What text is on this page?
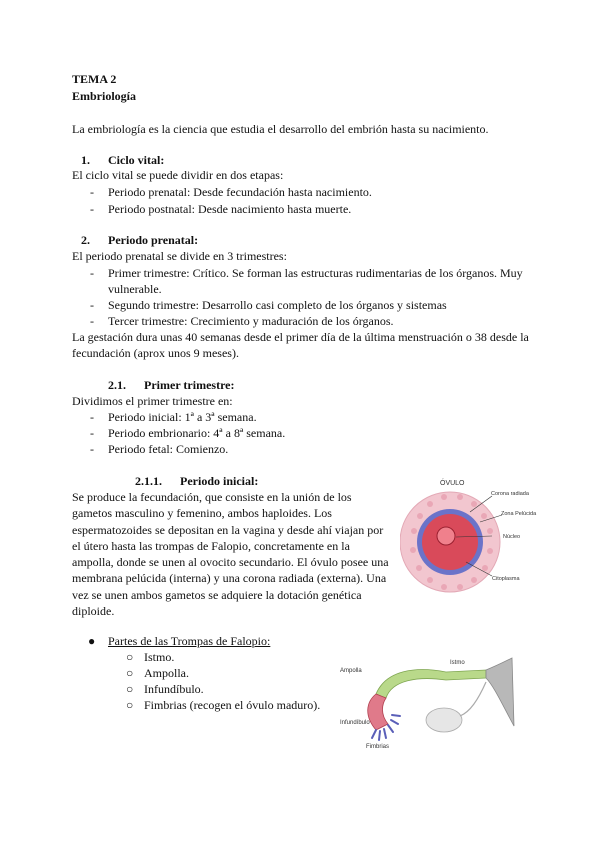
TEMA 2
Embriología
La embriología es la ciencia que estudia el desarrollo del embrión hasta su nacimiento.
1. Ciclo vital:
El ciclo vital se puede dividir en dos etapas:
- Periodo prenatal: Desde fecundación hasta nacimiento.
- Periodo postnatal: Desde nacimiento hasta muerte.
2. Periodo prenatal:
El periodo prenatal se divide en 3 trimestres:
- Primer trimestre: Crítico. Se forman las estructuras rudimentarias de los órganos. Muy vulnerable.
- Segundo trimestre: Desarrollo casi completo de los órganos y sistemas
- Tercer trimestre: Crecimiento y maduración de los órganos.
La gestación dura unas 40 semanas desde el primer día de la última menstruación o 38 desde la fecundación (aprox unos 9 meses).
2.1. Primer trimestre:
Dividimos el primer trimestre en:
- Periodo inicial: 1ª a 3ª semana.
- Periodo embrionario: 4ª a 8ª semana.
- Periodo fetal: Comienzo.
2.1.1. Periodo inicial:
Se produce la fecundación, que consiste en la unión de los gametos masculino y femenino, ambos haploides. Los espermatozoides se depositan en la vagina y desde ahí viajan por el útero hasta las trompas de Falopio, concretamente en la ampolla, donde se unen al ovocito secundario. El óvulo posee una membrana pelúcida (interna) y una corona radiada (externa). Una vez se unen ambos gametos se adquiere la dotación genética diploide.
ÓVULO
Corona radiada
Zona Pelúcida
Núcleo
Citoplasma
● Partes de las Trompas de Falopio:
○ Istmo.
○ Ampolla.
○ Infundíbulo.
○ Fimbrias (recogen el óvulo maduro).
Ampolla
Istmo
Infundíbulo
Fimbrias
